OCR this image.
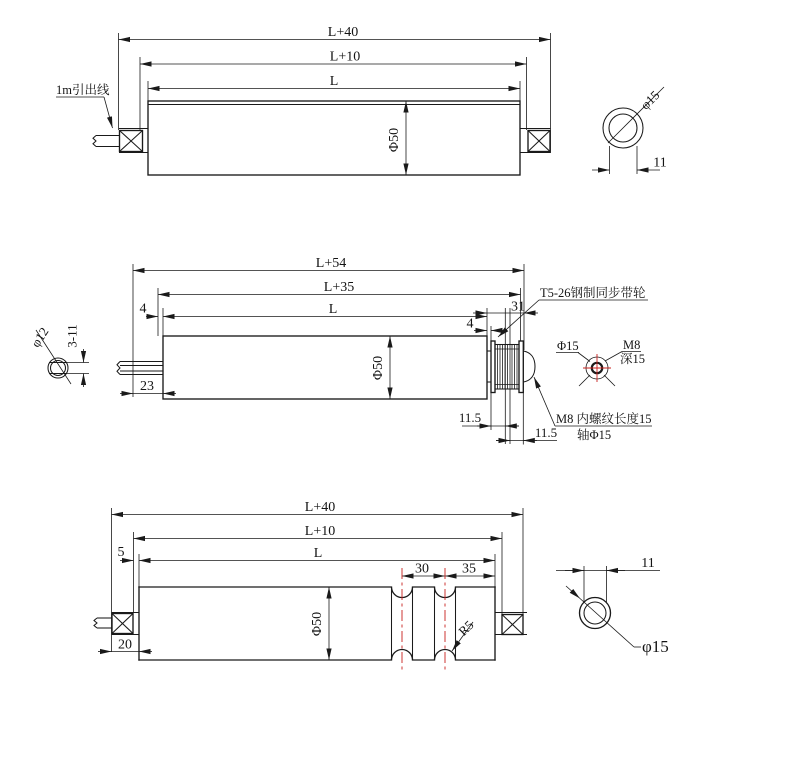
L+40
L+10
L
Φ50
1m引出线	φ15
11
L+54
L+35
L
4	31
4
23
Φ50
11.5
11.5
T5-26钢制同步带轮
M8 内螺纹长度15
轴Φ15
Φ15	M8
深15
φ12 3-11
L+40
L+10
L
5
20
30 35
Φ50	R5
11
φ15
